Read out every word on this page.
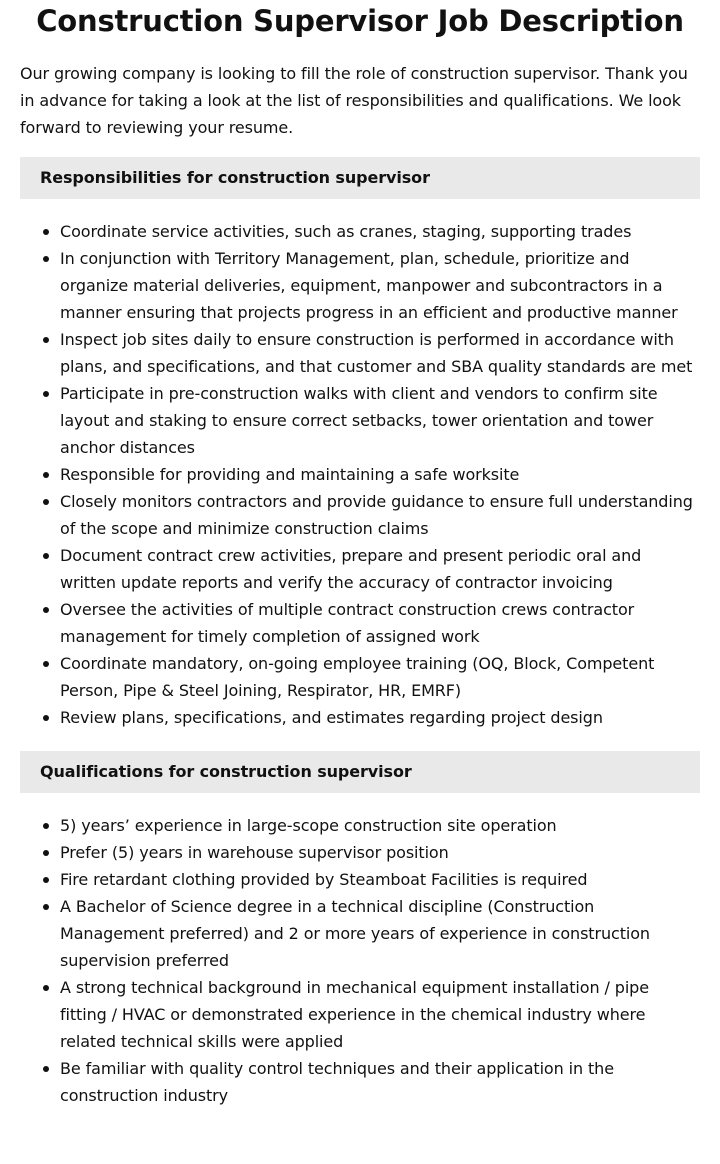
Construction Supervisor Job Description

Our growing company is looking to fill the role of construction supervisor. Thank you in advance for taking a look at the list of responsibilities and qualifications. We look forward to reviewing your resume.

Responsibilities for construction supervisor
Coordinate service activities, such as cranes, staging, supporting trades
In conjunction with Territory Management, plan, schedule, prioritize and organize material deliveries, equipment, manpower and subcontractors in a manner ensuring that projects progress in an efficient and productive manner
Inspect job sites daily to ensure construction is performed in accordance with plans, and specifications, and that customer and SBA quality standards are met
Participate in pre-construction walks with client and vendors to confirm site layout and staking to ensure correct setbacks, tower orientation and tower anchor distances
Responsible for providing and maintaining a safe worksite
Closely monitors contractors and provide guidance to ensure full understanding of the scope and minimize construction claims
Document contract crew activities, prepare and present periodic oral and written update reports and verify the accuracy of contractor invoicing
Oversee the activities of multiple contract construction crews contractor management for timely completion of assigned work
Coordinate mandatory, on-going employee training (OQ, Block, Competent Person, Pipe & Steel Joining, Respirator, HR, EMRF)
Review plans, specifications, and estimates regarding project design
Qualifications for construction supervisor
5) years’ experience in large-scope construction site operation
Prefer (5) years in warehouse supervisor position
Fire retardant clothing provided by Steamboat Facilities is required
A Bachelor of Science degree in a technical discipline (Construction Management preferred) and 2 or more years of experience in construction supervision preferred
A strong technical background in mechanical equipment installation / pipe fitting / HVAC or demonstrated experience in the chemical industry where related technical skills were applied
Be familiar with quality control techniques and their application in the construction industry
